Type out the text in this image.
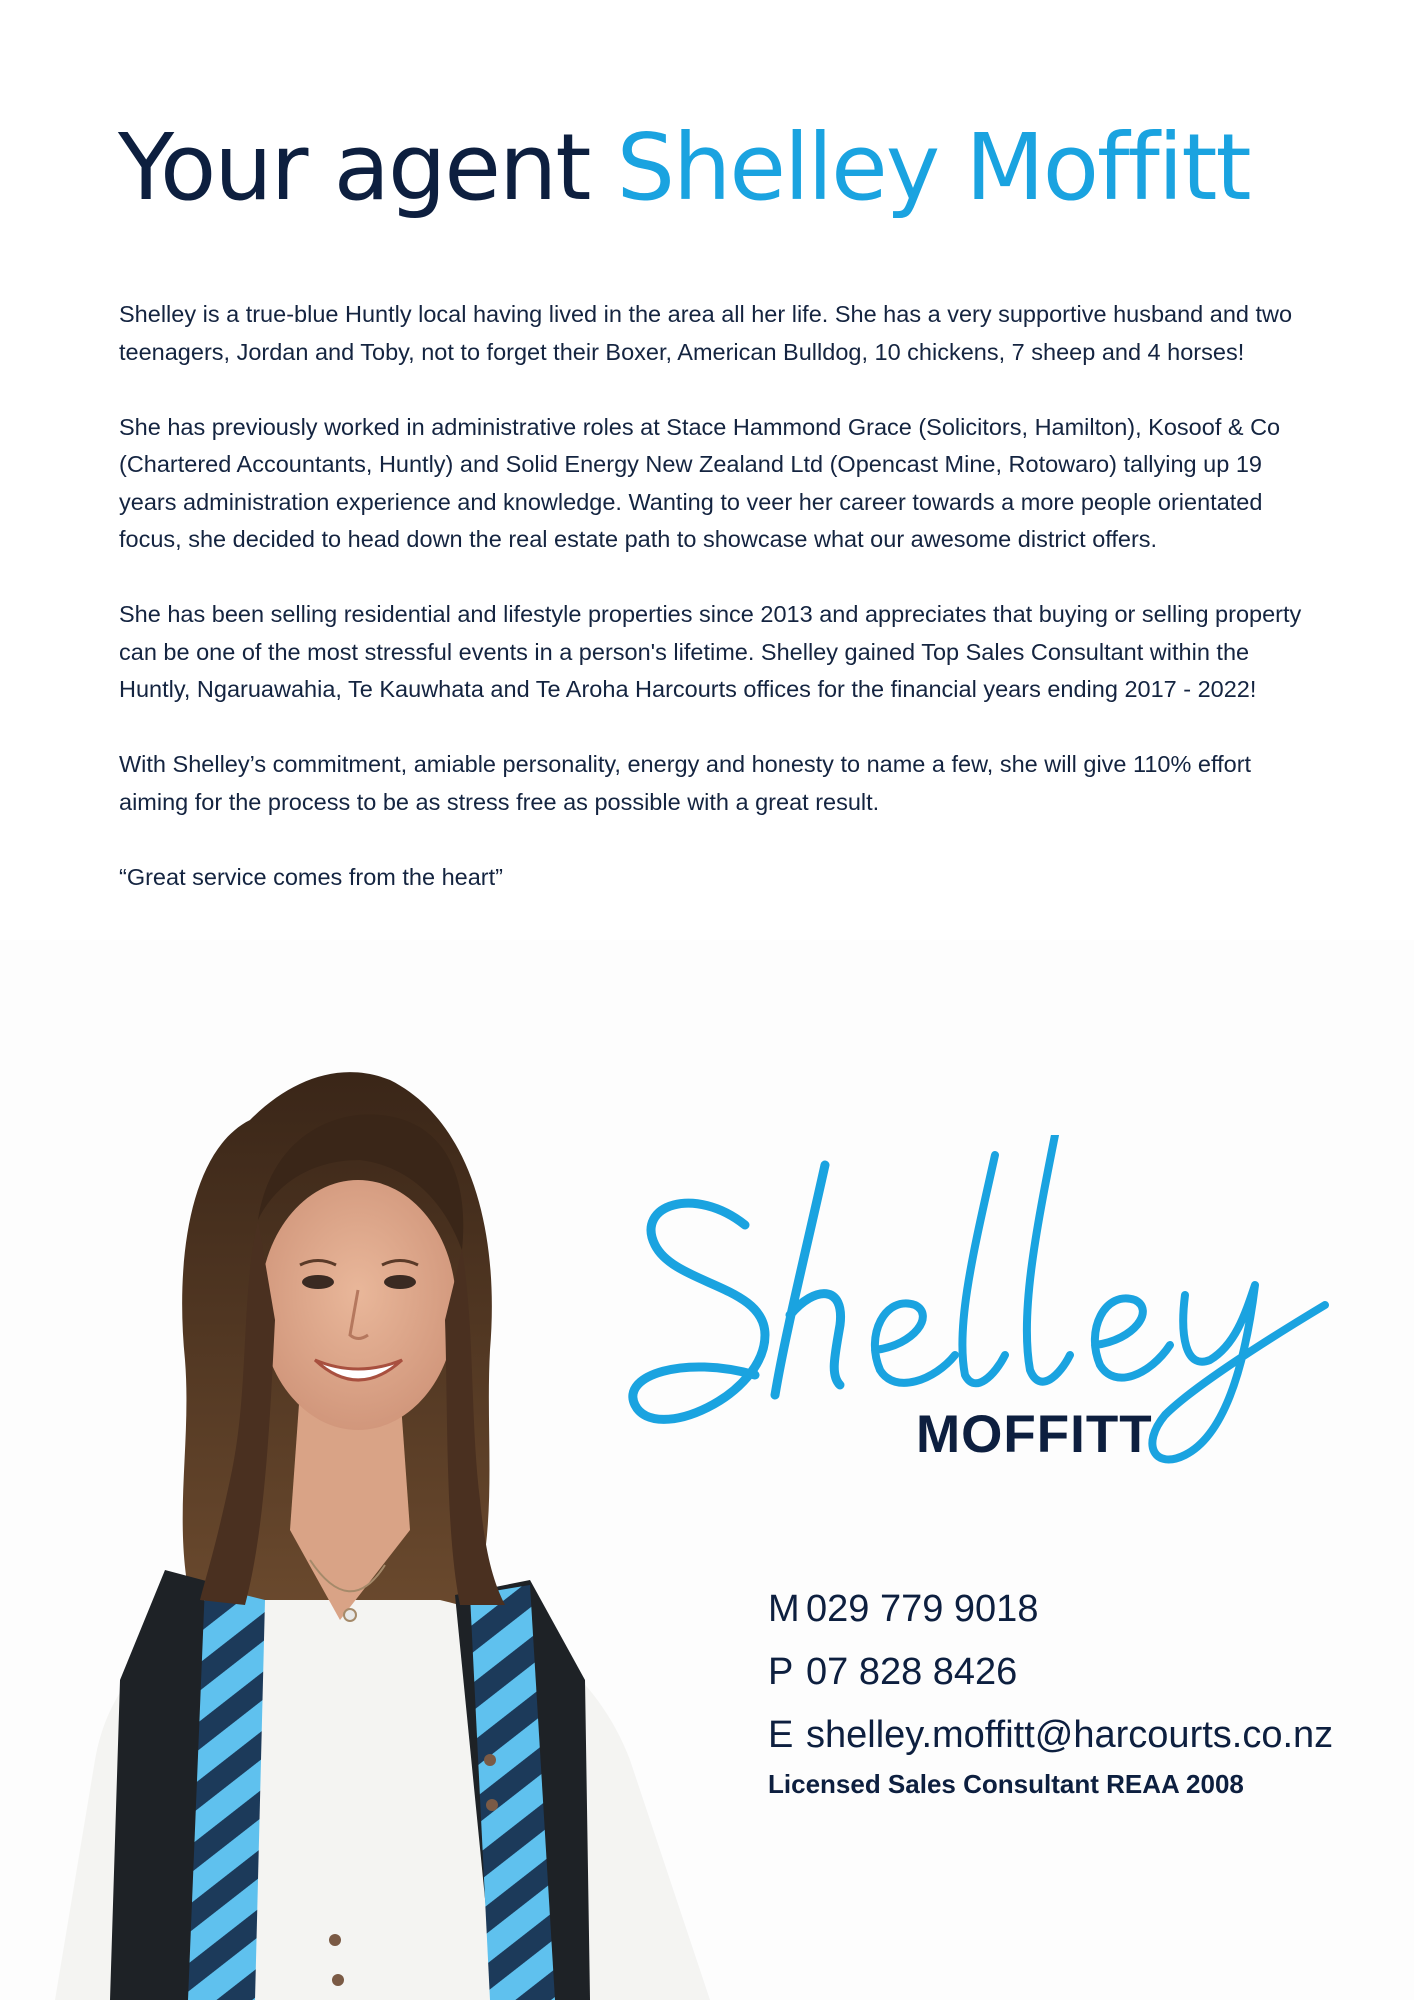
Your agent Shelley Moffitt

Shelley is a true-blue Huntly local having lived in the area all her life. She has a very supportive husband and two teenagers, Jordan and Toby, not to forget their Boxer, American Bulldog, 10 chickens, 7 sheep and 4 horses!

She has previously worked in administrative roles at Stace Hammond Grace (Solicitors, Hamilton), Kosoof & Co (Chartered Accountants, Huntly) and Solid Energy New Zealand Ltd (Opencast Mine, Rotowaro) tallying up 19 years administration experience and knowledge. Wanting to veer her career towards a more people orientated focus, she decided to head down the real estate path to showcase what our awesome district offers.

She has been selling residential and lifestyle properties since 2013 and appreciates that buying or selling property can be one of the most stressful events in a person's lifetime. Shelley gained Top Sales Consultant within the Huntly, Ngaruawahia, Te Kauwhata and Te Aroha Harcourts offices for the financial years ending 2017 - 2022!

With Shelley’s commitment, amiable personality, energy and honesty to name a few, she will give 110% effort aiming for the process to be as stress free as possible with a great result.

“Great service comes from the heart”

MOFFITT
M 029 779 9018
P 07 828 8426
E shelley.moffitt@harcourts.co.nz
Licensed Sales Consultant REAA 2008
